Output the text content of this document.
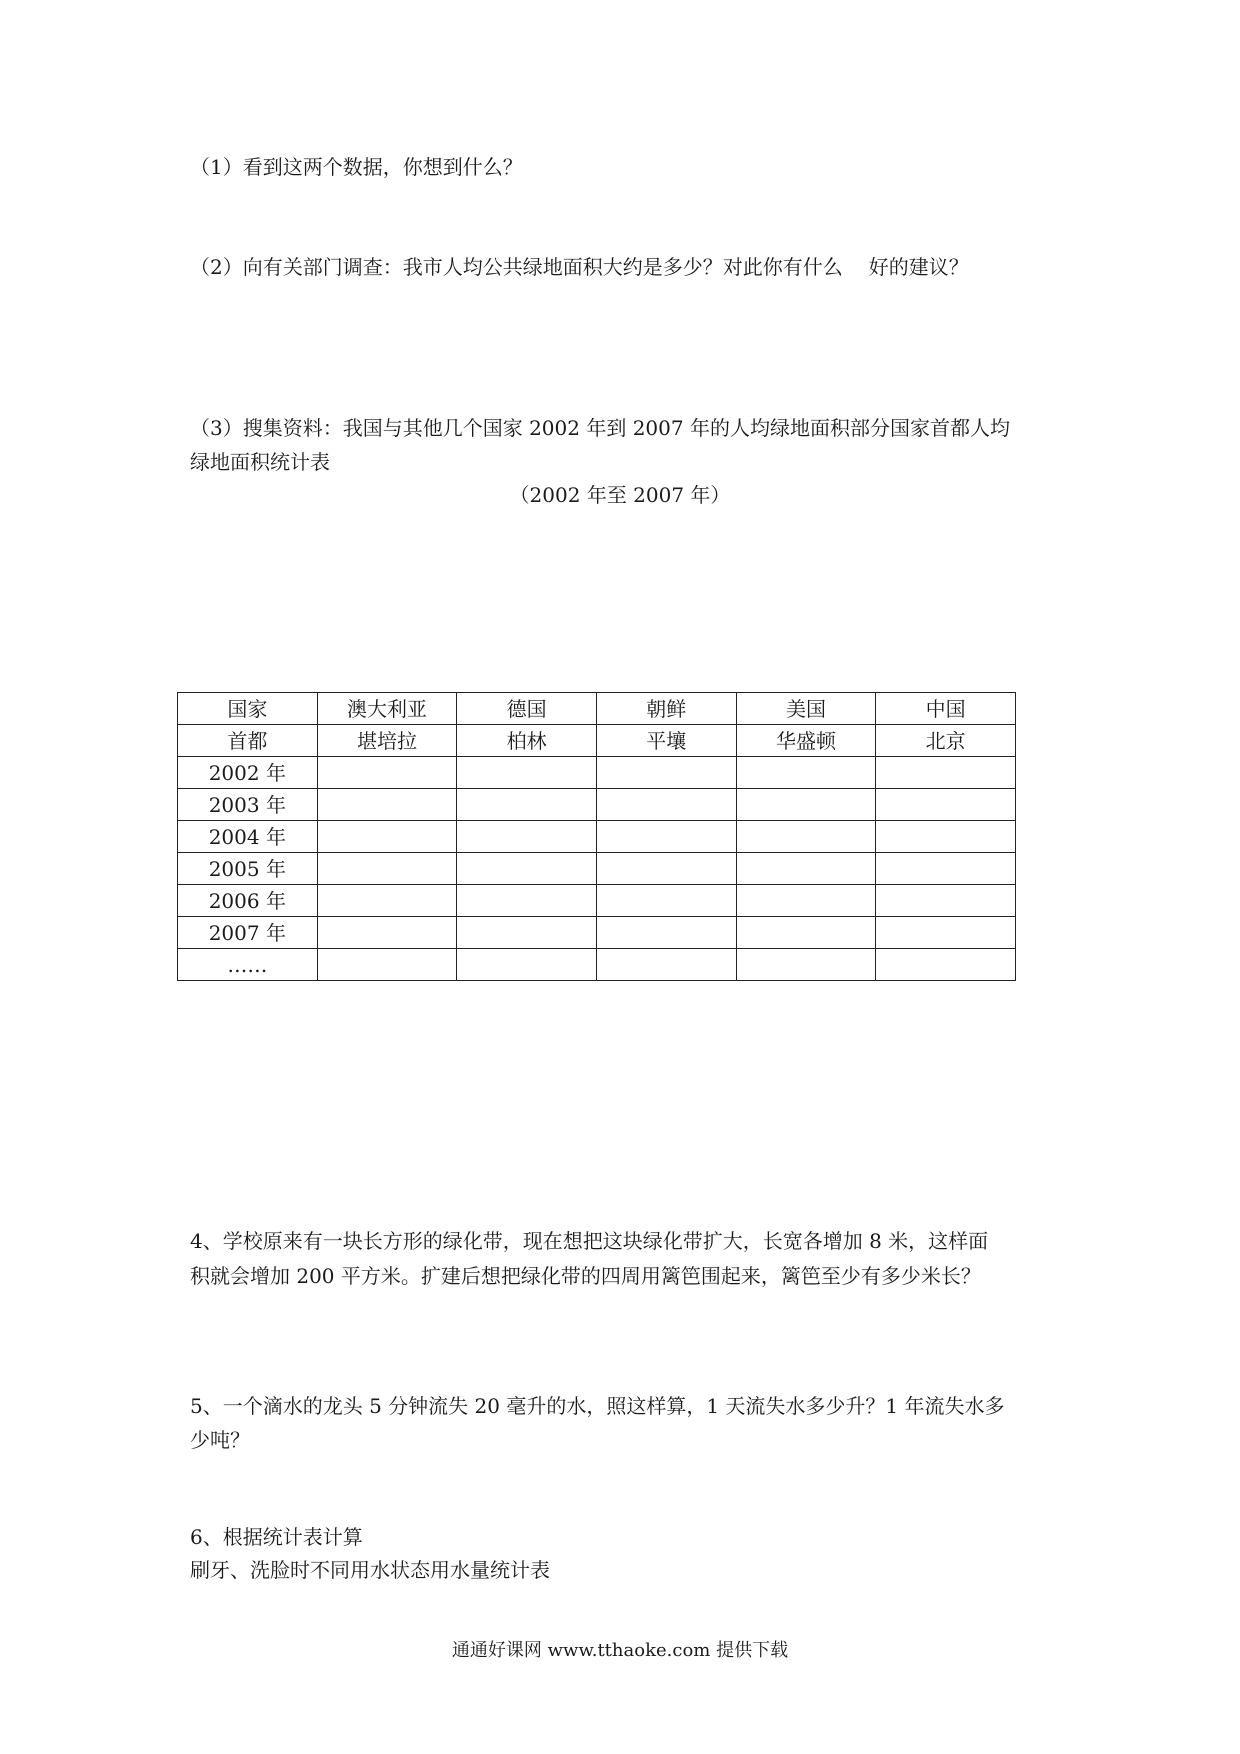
（1）看到这两个数据，你想到什么？
（2）向有关部门调查：我市人均公共绿地面积大约是多少？对此你有什么 好的建议？
（3）搜集资料：我国与其他几个国家 2002 年到 2007 年的人均绿地面积部分国家首都人均
绿地面积统计表
（2002 年至 2007 年）
国家	澳大利亚	德国	朝鲜	美国	中国
首都	堪培拉	柏林	平壤	华盛顿	北京
2002 年					
2003 年					
2004 年					
2005 年					
2006 年					
2007 年					
……					
4、学校原来有一块长方形的绿化带，现在想把这块绿化带扩大，长宽各增加 8 米，这样面
积就会增加 200 平方米。扩建后想把绿化带的四周用篱笆围起来，篱笆至少有多少米长？
5、一个滴水的龙头 5 分钟流失 20 毫升的水，照这样算，1 天流失水多少升？1 年流失水多
少吨？
6、根据统计表计算
刷牙、洗脸时不同用水状态用水量统计表
通通好课网 www.tthaoke.com 提供下载
